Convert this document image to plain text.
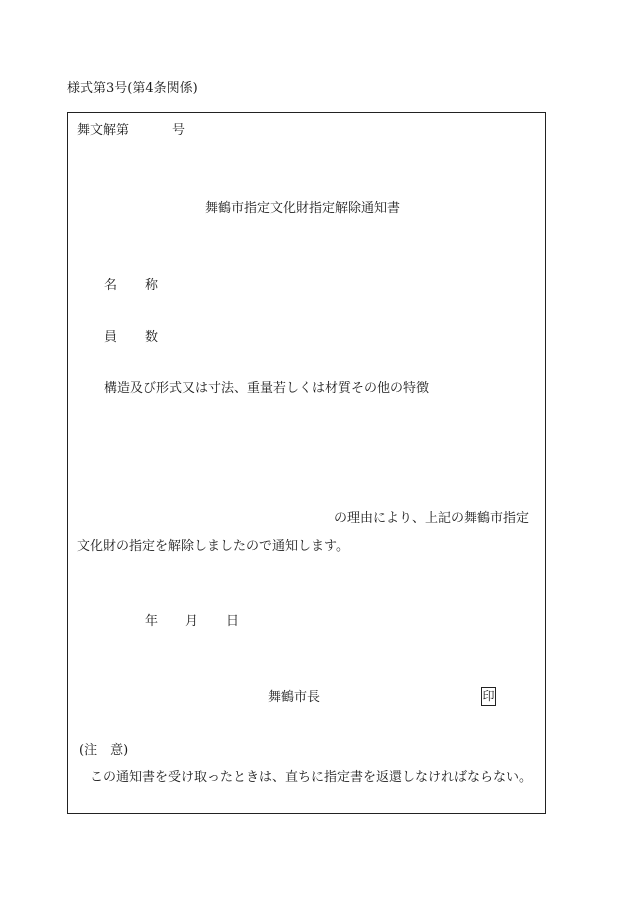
様式第3号(第4条関係)
舞文解第	号
舞鶴市指定文化財指定解除通知書
名 称
員 数
構造及び形式又は寸法、重量若しくは材質その他の特徴
の理由により、上記の舞鶴市指定
文化財の指定を解除しましたので通知します。
年 月 日
舞鶴市長	印
(注　意)
この通知書を受け取ったときは、直ちに指定書を返還しなければならない。
